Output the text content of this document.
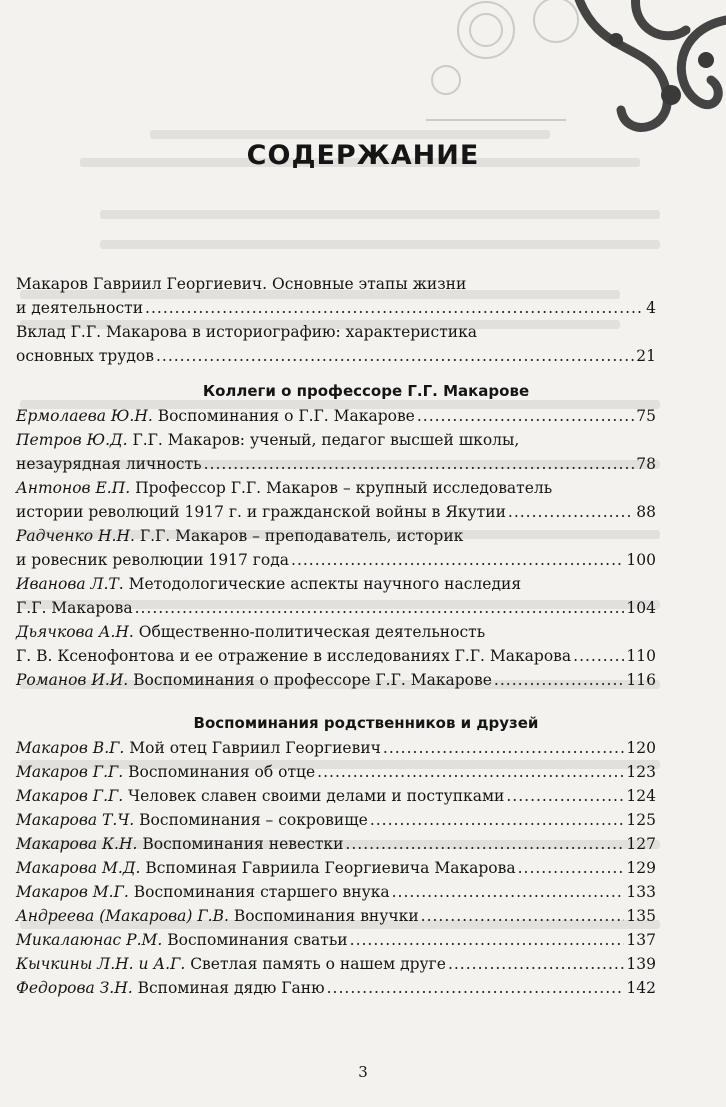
СОДЕРЖАНИЕ
Макаров Гавриил Георгиевич. Основные этапы жизни
и деятельности .....	4
Вклад Г.Г. Макарова в историографию: характеристика
основных трудов .....	21
Коллеги о профессоре Г.Г. Макарове
Ермолаева Ю.Н. Воспоминания о Г.Г. Макарове .....	75
Петров Ю.Д. Г.Г. Макаров: ученый, педагог высшей школы,
незаурядная личность .....	78
Антонов Е.П. Профессор Г.Г. Макаров – крупный исследователь
истории революций 1917 г. и гражданской войны в Якутии .....	88
Радченко Н.Н. Г.Г. Макаров – преподаватель, историк
и ровесник революции 1917 года .....	100
Иванова Л.Т. Методологические аспекты научного наследия
Г.Г. Макарова .....	104
Дьячкова А.Н. Общественно-политическая деятельность
Г. В. Ксенофонтова и ее отражение в исследованиях Г.Г. Макарова .....	110
Романов И.И. Воспоминания о профессоре Г.Г. Макарове .....	116
Воспоминания родственников и друзей
Макаров В.Г. Мой отец Гавриил Георгиевич .....	120
Макаров Г.Г. Воспоминания об отце .....	123
Макаров Г.Г. Человек славен своими делами и поступками .....	124
Макарова Т.Ч. Воспоминания – сокровище .....	125
Макарова К.Н. Воспоминания невестки .....	127
Макарова М.Д. Вспоминая Гавриила Георгиевича Макарова .....	129
Макаров М.Г. Воспоминания старшего внука .....	133
Андреева (Макарова) Г.В. Воспоминания внучки .....	135
Микалаюнас Р.М. Воспоминания сватьи .....	137
Кычкины Л.Н. и А.Г. Светлая память о нашем друге .....	139
Федорова З.Н. Вспоминая дядю Ганю .....	142
3
